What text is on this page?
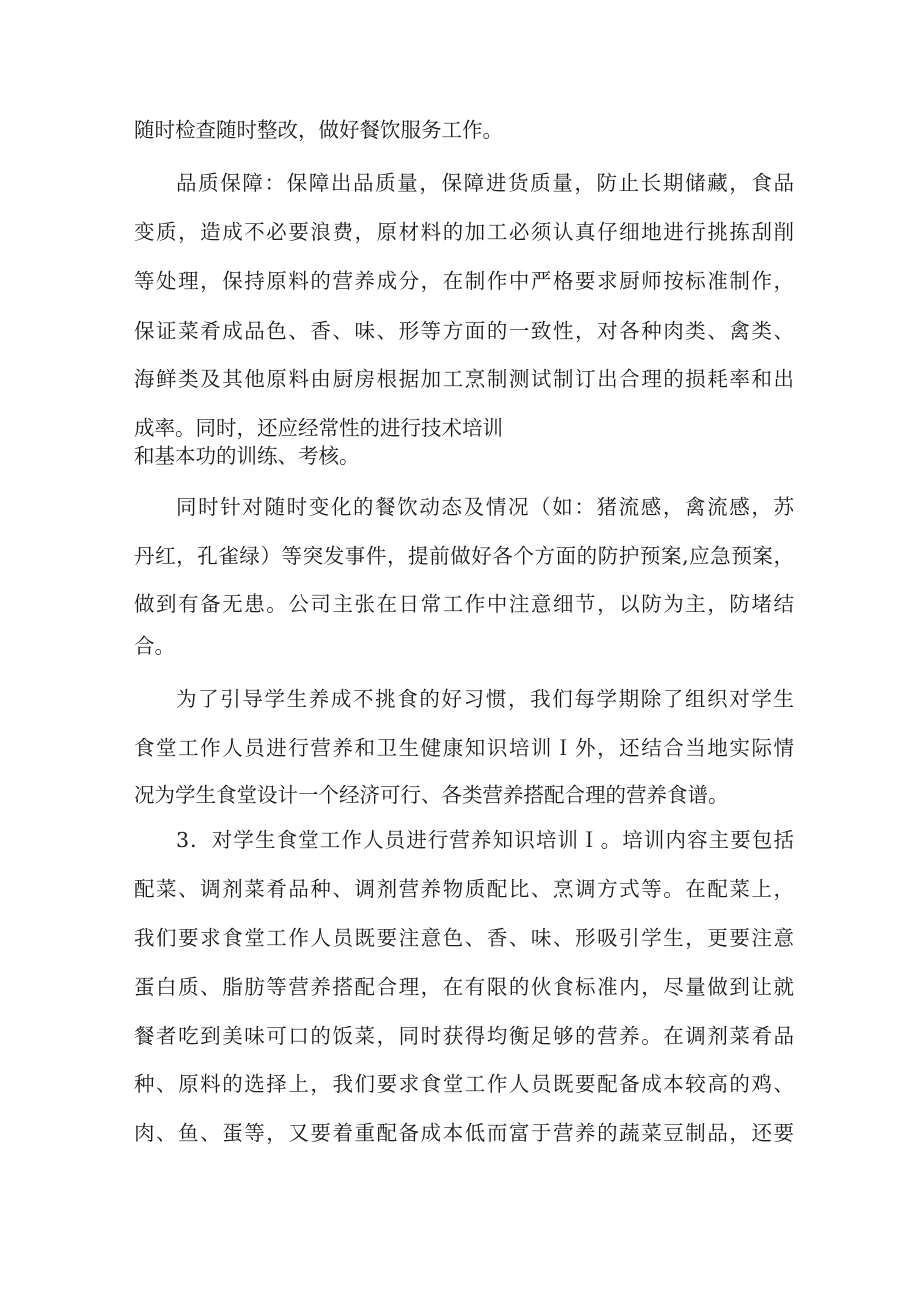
随时检查随时整改，做好餐饮服务工作。
品质保障：保障出品质量，保障进货质量，防止长期储藏，食品
变质，造成不必要浪费，原材料的加工必须认真仔细地进行挑拣刮削
等处理，保持原料的营养成分，在制作中严格要求厨师按标准制作，
保证菜肴成品色、香、味、形等方面的一致性，对各种肉类、禽类、
海鲜类及其他原料由厨房根据加工烹制测试制订出合理的损耗率和出
成率。同时，还应经常性的进行技术培训
和基本功的训练、考核。
同时针对随时变化的餐饮动态及情况（如：猪流感，禽流感，苏
丹红，孔雀绿）等突发事件，提前做好各个方面的防护预案,应急预案，
做到有备无患。公司主张在日常工作中注意细节，以防为主，防堵结
合。
为了引导学生养成不挑食的好习惯，我们每学期除了组织对学生
食堂工作人员进行营养和卫生健康知识培训Ｉ外，还结合当地实际情
况为学生食堂设计一个经济可行、各类营养搭配合理的营养食谱。
3．对学生食堂工作人员进行营养知识培训Ｉ。培训内容主要包括
配菜、调剂菜肴品种、调剂营养物质配比、烹调方式等。在配菜上，
我们要求食堂工作人员既要注意色、香、味、形吸引学生，更要注意
蛋白质、脂肪等营养搭配合理，在有限的伙食标准内，尽量做到让就
餐者吃到美味可口的饭菜，同时获得均衡足够的营养。在调剂菜肴品
种、原料的选择上，我们要求食堂工作人员既要配备成本较高的鸡、
肉、鱼、蛋等，又要着重配备成本低而富于营养的蔬菜豆制品，还要
